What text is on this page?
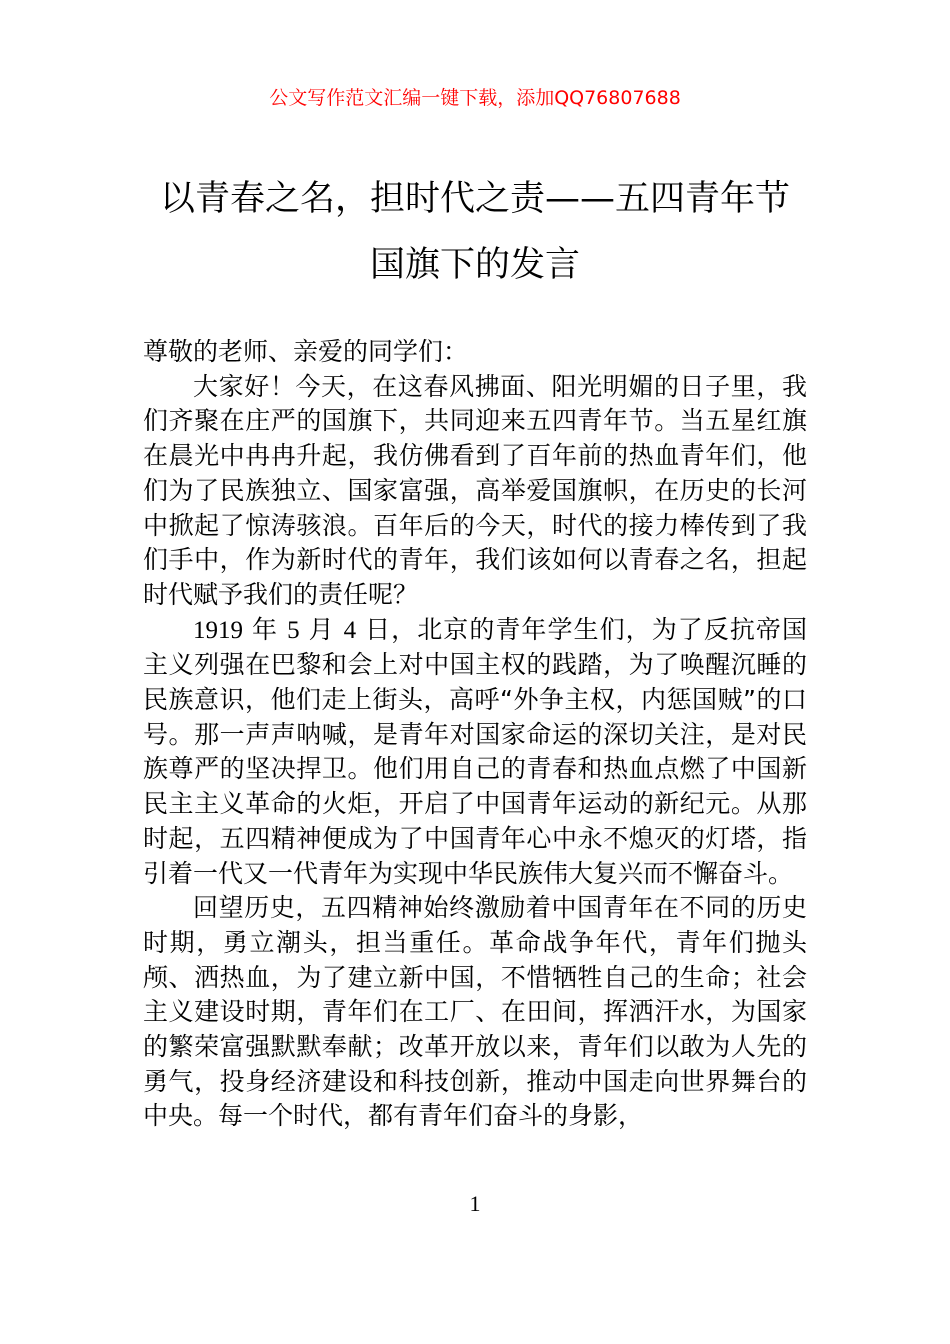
公文写作范文汇编一键下载，添加QQ76807688
以青春之名，担时代之责——五四青年节
国旗下的发言

尊敬的老师、亲爱的同学们：

大家好！今天，在这春风拂面、阳光明媚的日子里，我们齐聚在庄严的国旗下，共同迎来五四青年节。当五星红旗在晨光中冉冉升起，我仿佛看到了百年前的热血青年们，他们为了民族独立、国家富强，高举爱国旗帜，在历史的长河中掀起了惊涛骇浪。百年后的今天，时代的接力棒传到了我们手中，作为新时代的青年，我们该如何以青春之名，担起时代赋予我们的责任呢？

1919 年 5 月 4 日，北京的青年学生们，为了反抗帝国主义列强在巴黎和会上对中国主权的践踏，为了唤醒沉睡的民族意识，他们走上街头，高呼“外争主权，内惩国贼”的口号。那一声声呐喊，是青年对国家命运的深切关注，是对民族尊严的坚决捍卫。他们用自己的青春和热血点燃了中国新民主主义革命的火炬，开启了中国青年运动的新纪元。从那时起，五四精神便成为了中国青年心中永不熄灭的灯塔，指引着一代又一代青年为实现中华民族伟大复兴而不懈奋斗。

回望历史，五四精神始终激励着中国青年在不同的历史时期，勇立潮头，担当重任。革命战争年代，青年们抛头颅、洒热血，为了建立新中国，不惜牺牲自己的生命；社会主义建设时期，青年们在工厂、在田间，挥洒汗水，为国家的繁荣富强默默奉献；改革开放以来，青年们以敢为人先的勇气，投身经济建设和科技创新，推动中国走向世界舞台的中央。每一个时代，都有青年们奋斗的身影，

1
